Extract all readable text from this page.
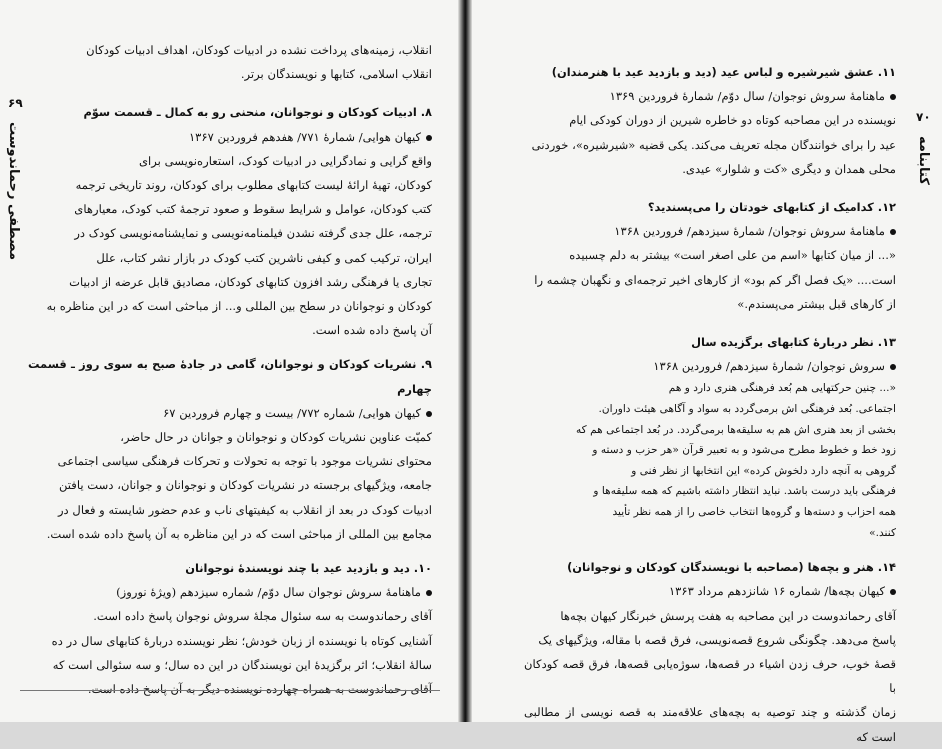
۶۹
مصطفی رحماندوست

انقلاب، زمینه‌های پرداخت نشده در ادبیات کودکان، اهداف ادبیات کودکان

انقلاب اسلامی، کتابها و نویسندگان برتر.

۸. ادبیات کودکان و نوجوانان، منحنی رو به کمال ـ قسمت سوّم

کیهان هوایی/ شمارهٔ ۷۷۱/ هفدهم فروردین ۱۳۶۷

واقع گرایی و نمادگرایی در ادبیات کودک، استعاره‌نویسی برای

کودکان، تهیهٔ ارائهٔ لیست کتابهای مطلوب برای کودکان، روند تاریخی ترجمه

کتب کودکان، عوامل و شرایط سقوط و صعود ترجمهٔ کتب کودک، معیارهای

ترجمه، علل جدی گرفته نشدن فیلمنامه‌نویسی و نمایشنامه‌نویسی کودک در

ایران، ترکیب کمی و کیفی ناشرین کتب کودک در بازار نشر کتاب، علل

تجاری یا فرهنگی رشد افزون کتابهای کودکان، مصادیق قابل عرضه از ادبیات

کودکان و نوجوانان در سطح بین المللی و... از مباحثی است که در این مناظره به

آن پاسخ داده شده است.

۹. نشریات کودکان و نوجوانان، گامی در جادهٔ صبح به سوی روز ـ قسمت چهارم

کیهان هوایی/ شماره ۷۷۲/ بیست و چهارم فروردین ۶۷

کمیّت عناوین نشریات کودکان و نوجوانان و جوانان در حال حاضر،

محتوای نشریات موجود با توجه به تحولات و تحرکات فرهنگی سیاسی اجتماعی

جامعه، ویژگیهای برجسته در نشریات کودکان و نوجوانان و جوانان، دست یافتن

ادبیات کودک در بعد از انقلاب به کیفیتهای ناب و عدم حضور شایسته و فعال در

مجامع بین المللی از مباحثی است که در این مناظره به آن پاسخ داده شده است.

۱۰. دید و بازدید عید با چند نویسندهٔ نوجوانان

ماهنامهٔ سروش نوجوان سال دوّم/ شماره سیزدهم (ویژهٔ نوروز)

آقای رحماندوست به سه سئوال مجلهٔ سروش نوجوان پاسخ داده است.

آشنایی کوتاه با نویسنده از زبان خودش؛ نظر نویسنده دربارهٔ کتابهای سال در ده

سالهٔ انقلاب؛ اثر برگزیدهٔ این نویسندگان در این ده سال؛ و سه سئوالی است که

۷۰
کتابنامه

۱۱. عشق شیرشیره و لباس عید (دید و بازدید عید با هنرمندان)

ماهنامهٔ سروش نوجوان/ سال دوّم/ شمارهٔ فروردین ۱۳۶۹

نویسنده در این مصاحبه کوتاه دو خاطره شیرین از دوران کودکی ایام

عید را برای خوانندگان مجله تعریف می‌کند. یکی قضیه «شیرشیره»، خوردنی

محلی همدان و دیگری «کت و شلوار» عیدی.

۱۲. کدامیک از کتابهای خودتان را می‌پسندید؟

ماهنامهٔ سروش نوجوان/ شمارهٔ سیزدهم/ فروردین ۱۳۶۸

«... از میان کتابها «اسم من علی اصغر است» بیشتر به دلم چسبیده

است.... «یک فصل اگر کم بود» از کارهای اخیر ترجمه‌ای و نگهبان چشمه را

از کارهای قبل بیشتر می‌پسندم.»

۱۳. نظر دربارهٔ کتابهای برگزیده سال

سروش نوجوان/ شمارهٔ سیزدهم/ فروردین ۱۳۶۸

«... چنین حرکتهایی هم بُعد فرهنگی هنری دارد و هم

اجتماعی. بُعد فرهنگی اش برمی‌گردد به سواد و آگاهی هیئت داوران.

بخشی از بعد هنری اش هم به سلیقه‌ها برمی‌گردد. در بُعد اجتماعی هم که

زود خط و خطوط مطرح می‌شود و به تعبیر قرآن «هر حزب و دسته و

گروهی به آنچه دارد دلخوش کرده» این انتخابها از نظر فنی و

فرهنگی باید درست باشد. نباید انتظار داشته باشیم که همه سلیقه‌ها و

همه احزاب و دسته‌ها و گروه‌ها انتخاب خاصی را از همه نظر تأیید

کنند.»

۱۴. هنر و بچه‌ها (مصاحبه با نویسندگان کودکان و نوجوانان)

کیهان بچه‌ها/ شماره ۱۶ شانزدهم مرداد ۱۳۶۳

آقای رحماندوست در این مصاحبه به هفت پرسش خبرنگار کیهان بچه‌ها

پاسخ می‌دهد. چگونگی شروع قصه‌نویسی، فرق قصه با مقاله، ویژگیهای یک

قصهٔ خوب، حرف زدن اشیاء در قصه‌ها، سوژه‌یابی قصه‌ها، فرق قصه کودکان با

زمان گذشته و چند توصیه به بچه‌های علاقه‌مند به قصه نویسی از مطالبی است که
